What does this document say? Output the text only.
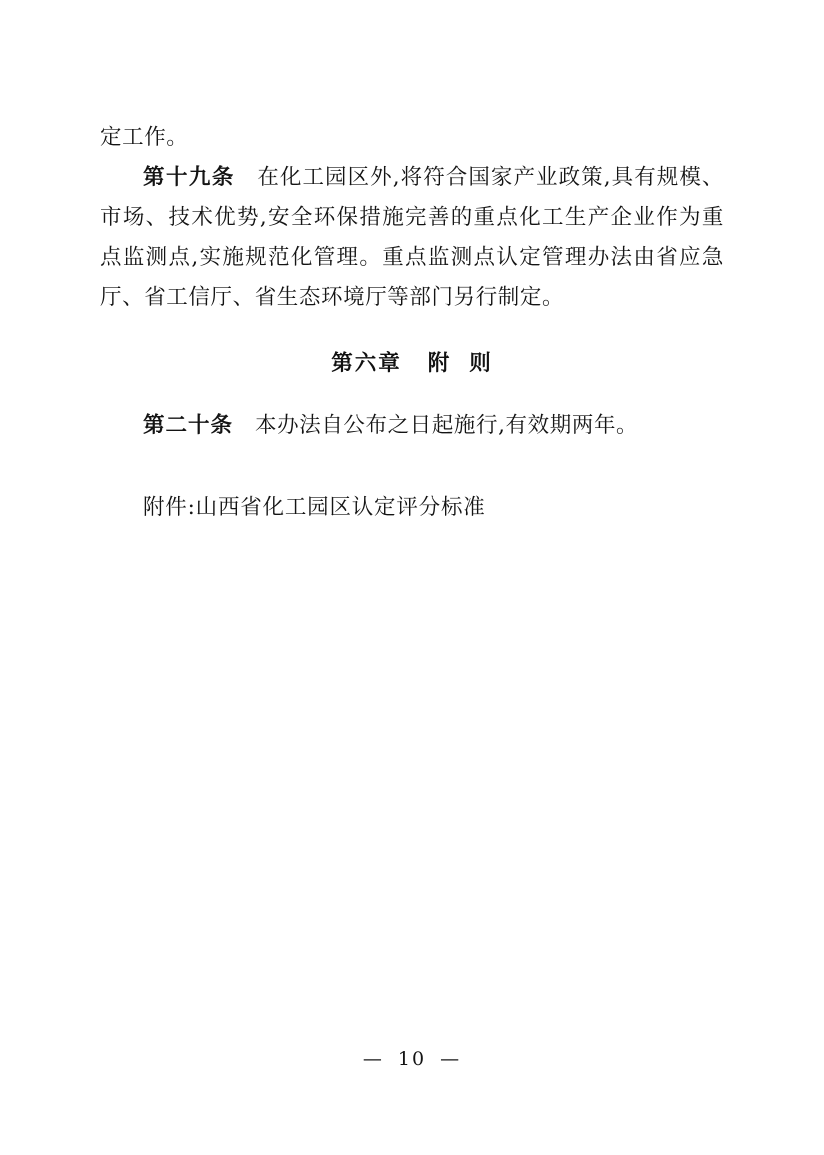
定工作。

第十九条 在化工园区外,将符合国家产业政策,具有规模、市场、技术优势,安全环保措施完善的重点化工生产企业作为重点监测点,实施规范化管理。重点监测点认定管理办法由省应急厅、省工信厅、省生态环境厅等部门另行制定。

第六章 附 则

第二十条 本办法自公布之日起施行,有效期两年。

附件:山西省化工园区认定评分标准

— 10 —
